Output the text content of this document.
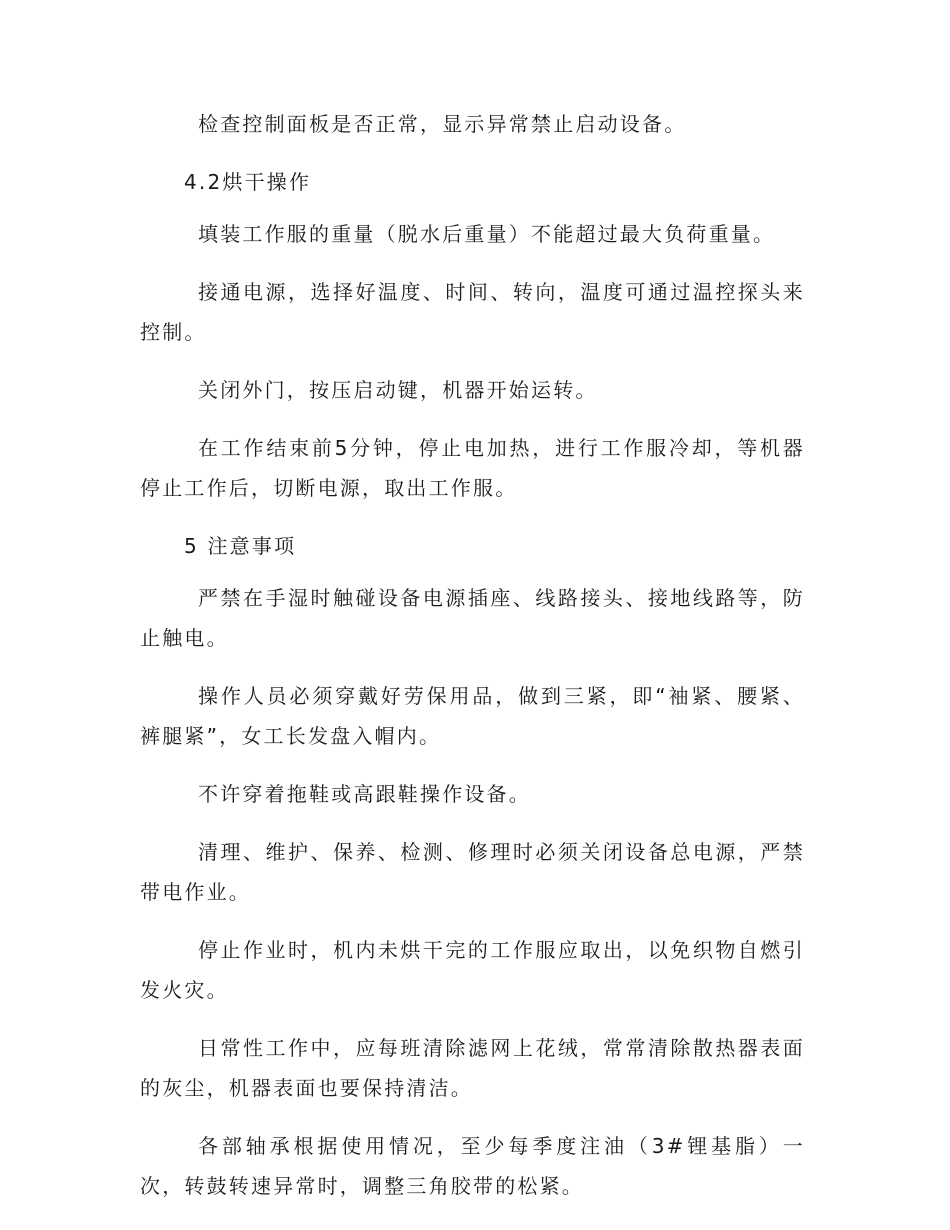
检查控制面板是否正常，显示异常禁止启动设备。

4.2烘干操作

填装工作服的重量（脱水后重量）不能超过最大负荷重量。

接通电源，选择好温度、时间、转向，温度可通过温控探头来控制。

关闭外门，按压启动键，机器开始运转。

在工作结束前5分钟，停止电加热，进行工作服冷却，等机器停止工作后，切断电源，取出工作服。

5 注意事项

严禁在手湿时触碰设备电源插座、线路接头、接地线路等，防止触电。

操作人员必须穿戴好劳保用品，做到三紧，即“袖紧、腰紧、裤腿紧”，女工长发盘入帽内。

不许穿着拖鞋或高跟鞋操作设备。

清理、维护、保养、检测、修理时必须关闭设备总电源，严禁带电作业。

停止作业时，机内未烘干完的工作服应取出，以免织物自燃引发火灾。

日常性工作中，应每班清除滤网上花绒，常常清除散热器表面的灰尘，机器表面也要保持清洁。

各部轴承根据使用情况，至少每季度注油（3#锂基脂）一次，转鼓转速异常时，调整三角胶带的松紧。
